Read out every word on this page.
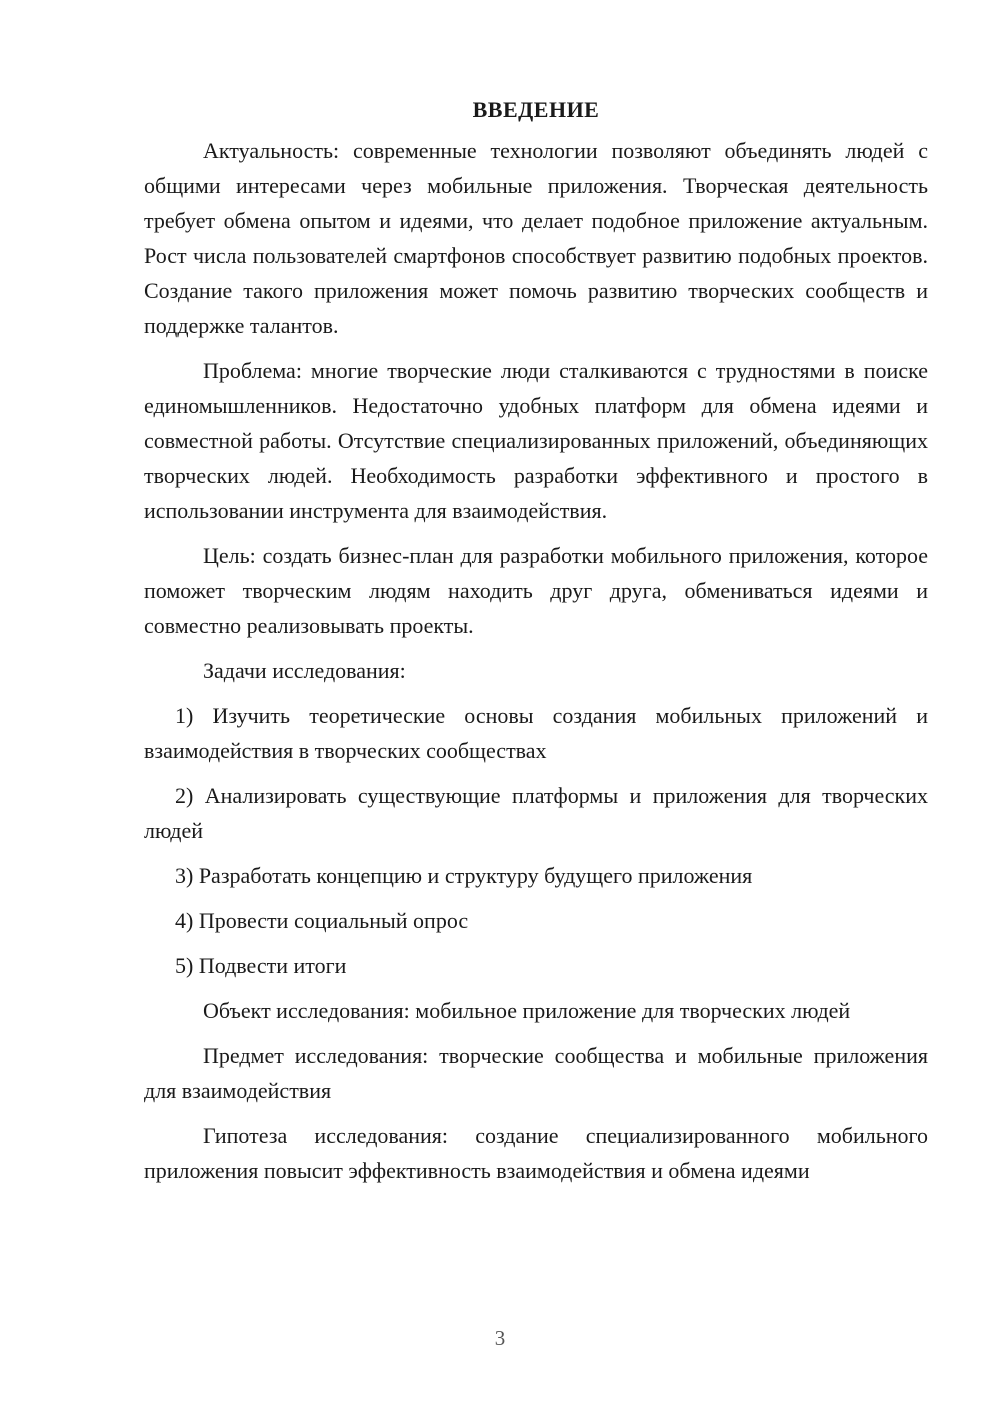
ВВЕДЕНИЕ

Актуальность: современные технологии позволяют объединять людей с общими интересами через мобильные приложения. Творческая деятельность требует обмена опытом и идеями, что делает подобное приложение актуальным. Рост числа пользователей смартфонов способствует развитию подобных проектов. Создание такого приложения может помочь развитию творческих сообществ и поддержке талантов.

Проблема: многие творческие люди сталкиваются с трудностями в поиске единомышленников. Недостаточно удобных платформ для обмена идеями и совместной работы. Отсутствие специализированных приложений, объединяющих творческих людей. Необходимость разработки эффективного и простого в использовании инструмента для взаимодействия.

Цель: создать бизнес-план для разработки мобильного приложения, которое поможет творческим людям находить друг друга, обмениваться идеями и совместно реализовывать проекты.

Задачи исследования:

1) Изучить теоретические основы создания мобильных приложений и взаимодействия в творческих сообществах

2) Анализировать существующие платформы и приложения для творческих людей

3) Разработать концепцию и структуру будущего приложения

4) Провести социальный опрос

5) Подвести итоги

Объект исследования: мобильное приложение для творческих людей

Предмет исследования: творческие сообщества и мобильные приложения для взаимодействия

Гипотеза исследования: создание специализированного мобильного приложения повысит эффективность взаимодействия и обмена идеями

3
